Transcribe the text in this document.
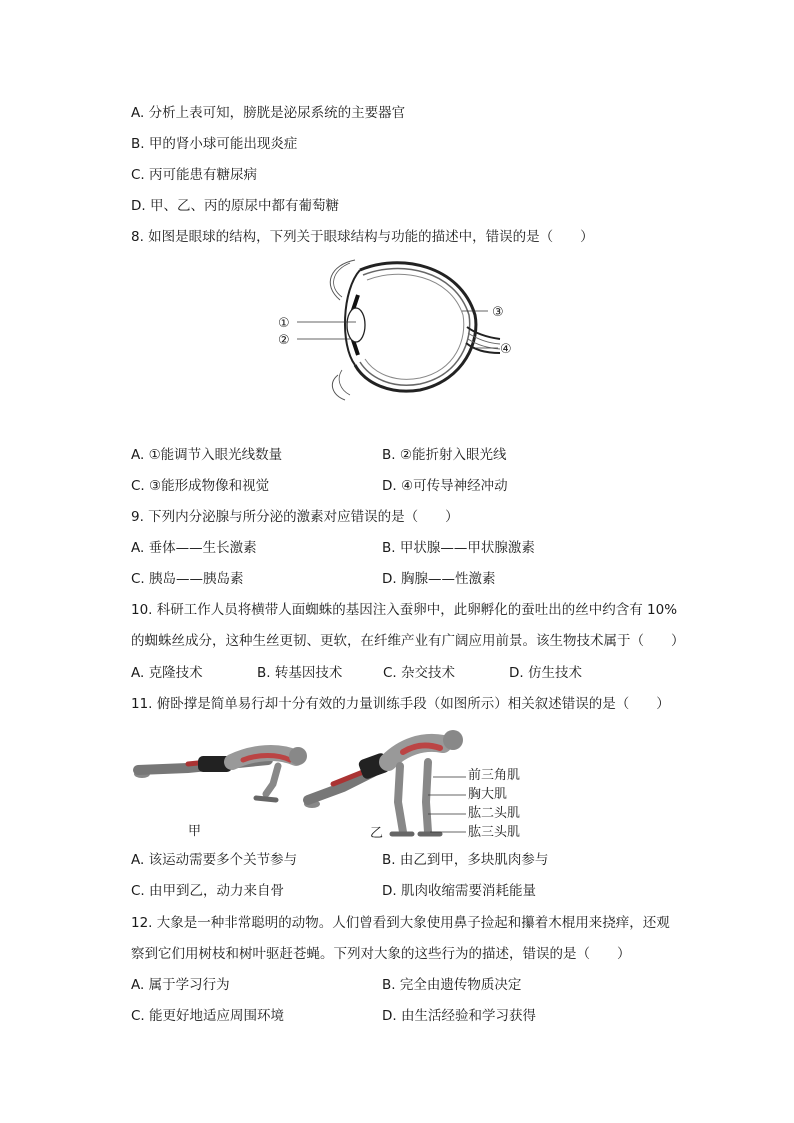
A. 分析上表可知，膀胱是泌尿系统的主要器官
B. 甲的肾小球可能出现炎症
C. 丙可能患有糖尿病
D. 甲、乙、丙的原尿中都有葡萄糖
8. 如图是眼球的结构，下列关于眼球结构与功能的描述中，错误的是（　　）
①
②
③
④
A. ①能调节入眼光线数量	B. ②能折射入眼光线
C. ③能形成物像和视觉	D. ④可传导神经冲动
9. 下列内分泌腺与所分泌的激素对应错误的是（　　）
A. 垂体——生长激素	B. 甲状腺——甲状腺激素
C. 胰岛——胰岛素	D. 胸腺——性激素
10. 科研工作人员将横带人面蜘蛛的基因注入蚕卵中，此卵孵化的蚕吐出的丝中约含有 10%
的蜘蛛丝成分，这种生丝更韧、更软，在纤维产业有广阔应用前景。该生物技术属于（　　）
A. 克隆技术	B. 转基因技术	C. 杂交技术	D. 仿生技术
11. 俯卧撑是简单易行却十分有效的力量训练手段（如图所示）相关叙述错误的是（　　）
前三角肌
胸大肌
肱二头肌
肱三头肌
甲	乙
A. 该运动需要多个关节参与	B. 由乙到甲，多块肌肉参与
C. 由甲到乙，动力来自骨	D. 肌肉收缩需要消耗能量
12. 大象是一种非常聪明的动物。人们曾看到大象使用鼻子捡起和攥着木棍用来挠痒，还观
察到它们用树枝和树叶驱赶苍蝇。下列对大象的这些行为的描述，错误的是（　　）
A. 属于学习行为	B. 完全由遗传物质决定
C. 能更好地适应周围环境	D. 由生活经验和学习获得
